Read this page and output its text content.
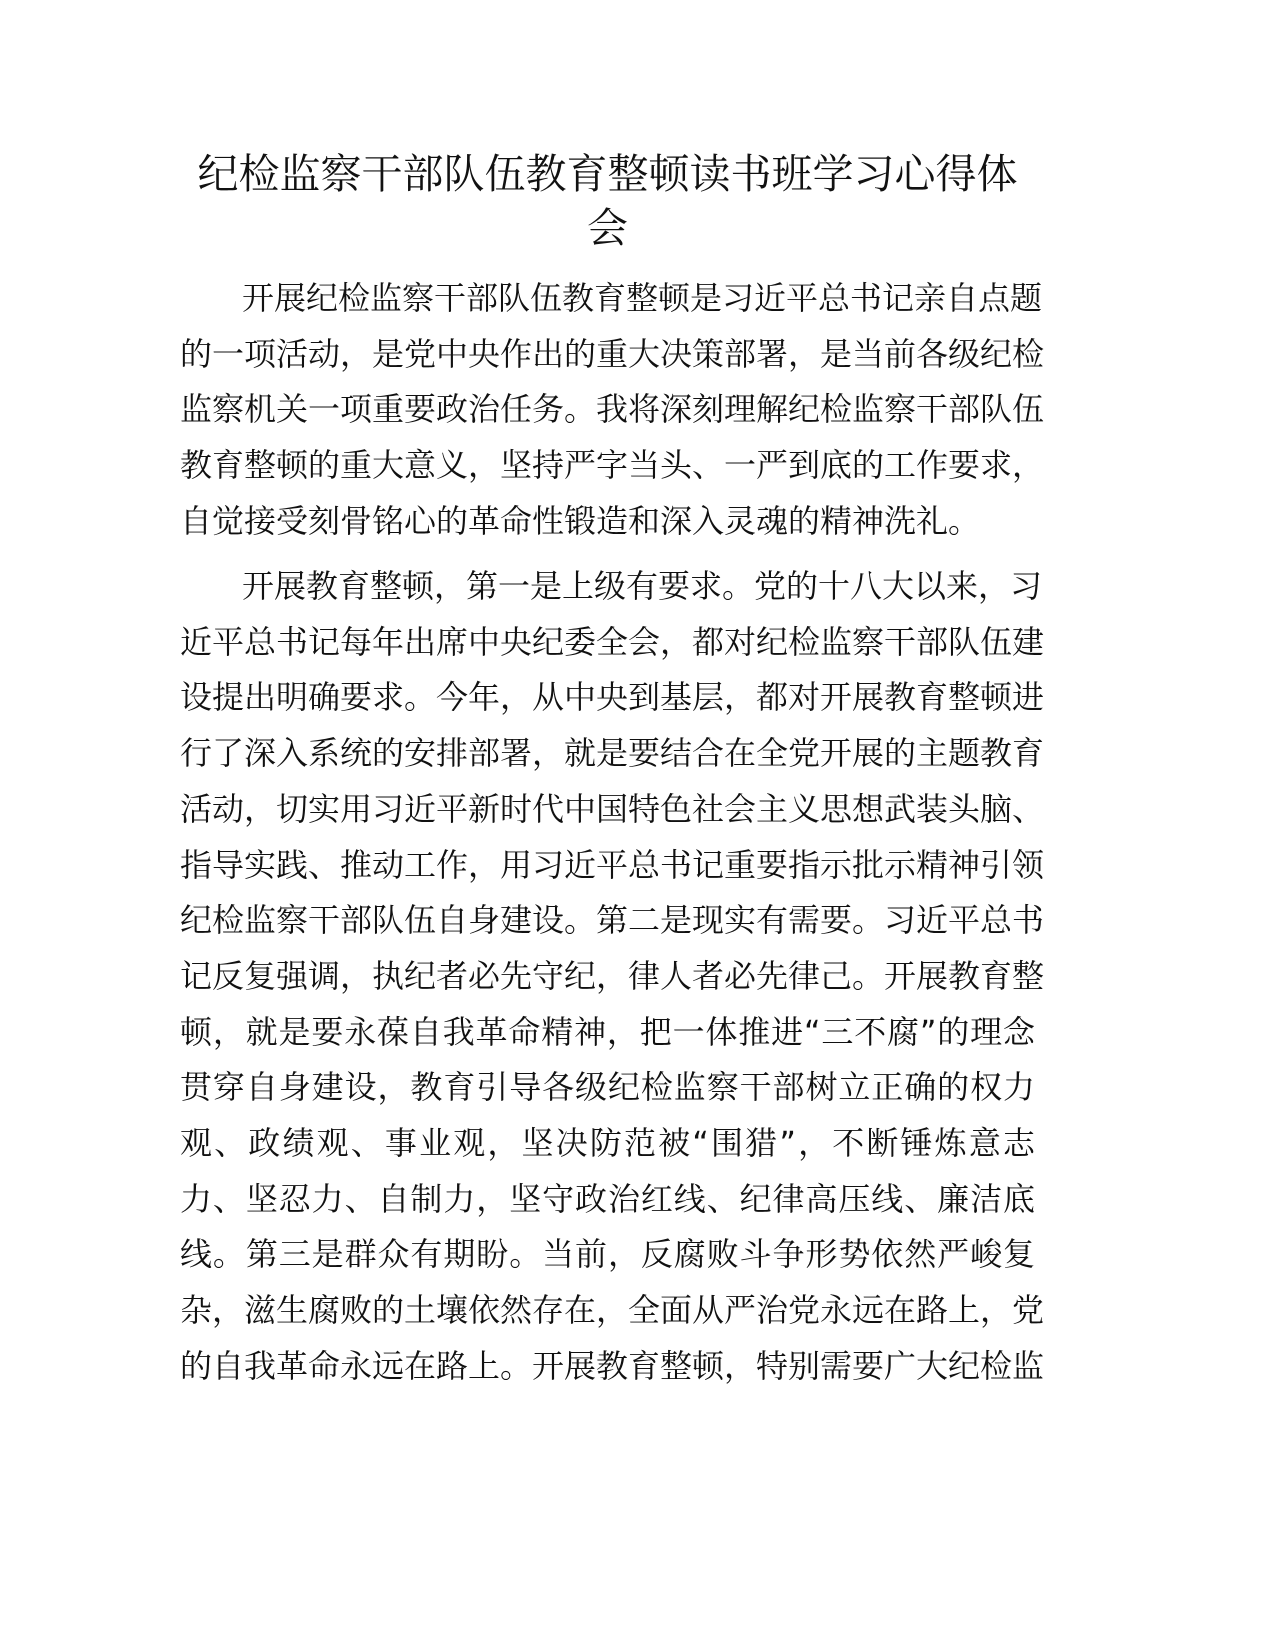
纪检监察干部队伍教育整顿读书班学习心得体
会
开展纪检监察干部队伍教育整顿是习近平总书记亲自点题
的一项活动，是党中央作出的重大决策部署，是当前各级纪检
监察机关一项重要政治任务。我将深刻理解纪检监察干部队伍
教育整顿的重大意义，坚持严字当头、一严到底的工作要求，
自觉接受刻骨铭心的革命性锻造和深入灵魂的精神洗礼。
开展教育整顿，第一是上级有要求。党的十八大以来，习
近平总书记每年出席中央纪委全会，都对纪检监察干部队伍建
设提出明确要求。今年，从中央到基层，都对开展教育整顿进
行了深入系统的安排部署，就是要结合在全党开展的主题教育
活动，切实用习近平新时代中国特色社会主义思想武装头脑、
指导实践、推动工作，用习近平总书记重要指示批示精神引领
纪检监察干部队伍自身建设。第二是现实有需要。习近平总书
记反复强调，执纪者必先守纪，律人者必先律己。开展教育整
顿，就是要永葆自我革命精神，把一体推进“三不腐”的理念
贯穿自身建设，教育引导各级纪检监察干部树立正确的权力
观、政绩观、事业观，坚决防范被“围猎”，不断锤炼意志
力、坚忍力、自制力，坚守政治红线、纪律高压线、廉洁底
线。第三是群众有期盼。当前，反腐败斗争形势依然严峻复
杂，滋生腐败的土壤依然存在，全面从严治党永远在路上，党
的自我革命永远在路上。开展教育整顿，特别需要广大纪检监
